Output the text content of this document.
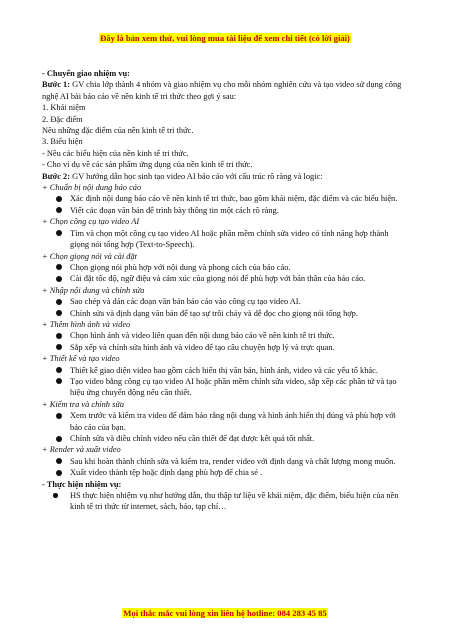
Đây là bản xem thử, vui lòng mua tài liệu để xem chi tiết (có lời giải)
- Chuyển giao nhiệm vụ:
Bước 1: GV chia lớp thành 4 nhóm và giao nhiệm vụ cho mỗi nhóm nghiên cứu và tạo video sử dụng công nghệ AI bài báo cáo về nền kinh tế tri thức theo gợi ý sau:
1. Khái niệm
2. Đặc điểm
Nêu những đặc điểm của nền kinh tế tri thức.
3. Biểu hiện
- Nêu các biểu hiện của nền kinh tế tri thức.
- Cho ví dụ về các sản phẩm ứng dụng của nền kinh tế tri thức.
Bước 2: GV hướng dẫn học sinh tạo video AI báo cáo với cấu trúc rõ ràng và logic:
+ Chuẩn bị nội dung báo cáo
Xác định nội dung báo cáo về nền kinh tế tri thức, bao gồm khái niệm, đặc điểm và các biểu hiện.
Viết các đoạn văn bản để trình bày thông tin một cách rõ ràng.
+ Chọn công cụ tạo video AI
Tìm và chọn một công cụ tạo video AI hoặc phần mềm chỉnh sửa video có tính năng hợp thành giọng nói tổng hợp (Text-to-Speech).
+ Chọn giọng nói và cài đặt
Chọn giọng nói phù hợp với nội dung và phong cách của báo cáo.
Cài đặt tốc độ, ngữ điệu và cảm xúc của giọng nói để phù hợp với bản thân của báo cáo.
+ Nhập nội dung và chỉnh sửa
Sao chép và dán các đoạn văn bản báo cáo vào công cụ tạo video AI.
Chỉnh sửa và định dạng văn bản để tạo sự trôi chảy và dễ đọc cho giọng nói tổng hợp.
+ Thêm hình ảnh và video
Chọn hình ảnh và video liên quan đến nội dung báo cáo về nền kinh tế tri thức.
Sắp xếp và chỉnh sửa hình ảnh và video để tạo câu chuyện hợp lý và trực quan.
+ Thiết kế và tạo video
Thiết kế giao diện video bao gồm cách hiển thị văn bản, hình ảnh, video và các yếu tố khác.
Tạo video bằng công cụ tạo video AI hoặc phần mềm chỉnh sửa video, sắp xếp các phần tử và tạo hiệu ứng chuyển động nếu cần thiết.
+ Kiểm tra và chỉnh sửa
Xem trước và kiểm tra video để đảm bảo rằng nội dung và hình ảnh hiển thị đúng và phù hợp với báo cáo của bạn.
Chỉnh sửa và điều chỉnh video nếu cần thiết để đạt được kết quả tốt nhất.
+ Render và xuất video
Sau khi hoàn thành chỉnh sửa và kiểm tra, render video với định dạng và chất lượng mong muốn.
Xuất video thành tệp hoặc định dạng phù hợp để chia sẻ .
- Thực hiện nhiệm vụ:
HS thực hiện nhiệm vụ như hướng dẫn, thu thập tư liệu về khái niệm, đặc điểm, biểu hiện của nền kinh tế tri thức từ internet, sách, báo, tạp chí…
Mọi thắc mắc vui lòng xin liên hệ hotline: 084 283 45 85
